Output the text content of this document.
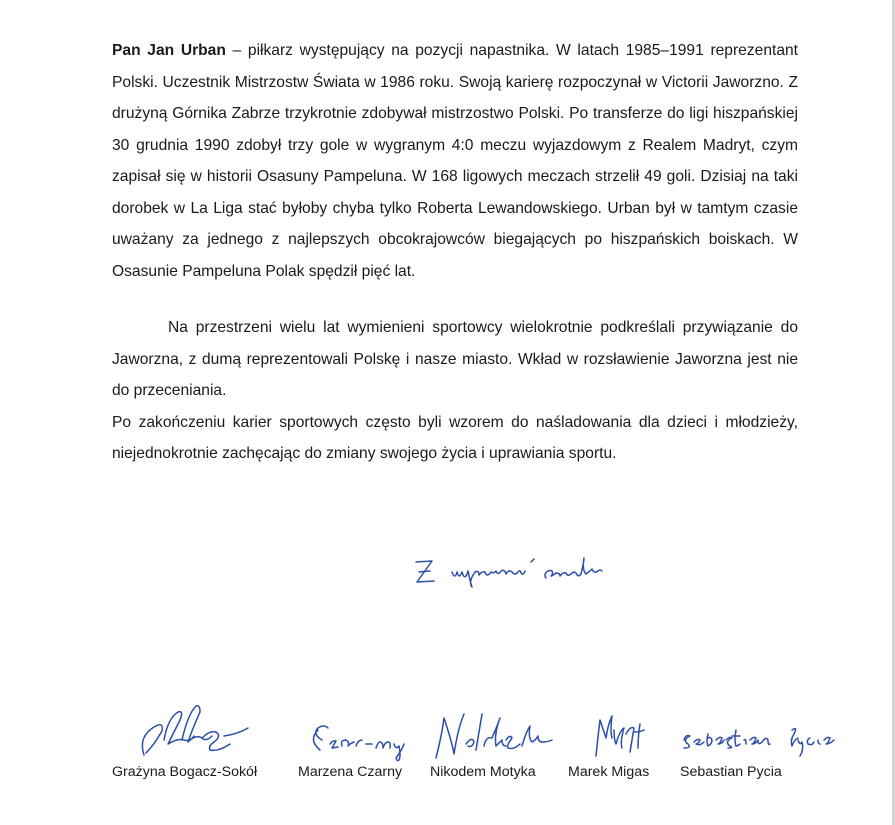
Pan Jan Urban – piłkarz występujący na pozycji napastnika. W latach 1985–1991 reprezentant Polski. Uczestnik Mistrzostw Świata w 1986 roku. Swoją karierę rozpoczynał w Victorii Jaworzno. Z drużyną Górnika Zabrze trzykrotnie zdobywał mistrzostwo Polski. Po transferze do ligi hiszpańskiej 30 grudnia 1990 zdobył trzy gole w wygranym 4:0 meczu wyjazdowym z Realem Madryt, czym zapisał się w historii Osasuny Pampeluna. W 168 ligowych meczach strzelił 49 goli. Dzisiaj na taki dorobek w La Liga stać byłoby chyba tylko Roberta Lewandowskiego. Urban był w tamtym czasie uważany za jednego z najlepszych obcokrajowców biegających po hiszpańskich boiskach. W Osasunie Pampeluna Polak spędził pięć lat.

Na przestrzeni wielu lat wymienieni sportowcy wielokrotnie podkreślali przywiązanie do Jaworzna, z dumą reprezentowali Polskę i nasze miasto. Wkład w rozsławienie Jaworzna jest nie do przeceniania.

Po zakończeniu karier sportowych często byli wzorem do naśladowania dla dzieci i młodzieży, niejednokrotnie zachęcając do zmiany swojego życia i uprawiania sportu.

Grażyna Bogacz-Sokół	Marzena Czarny Nikodem Motyka Marek Migas Sebastian Pycia
